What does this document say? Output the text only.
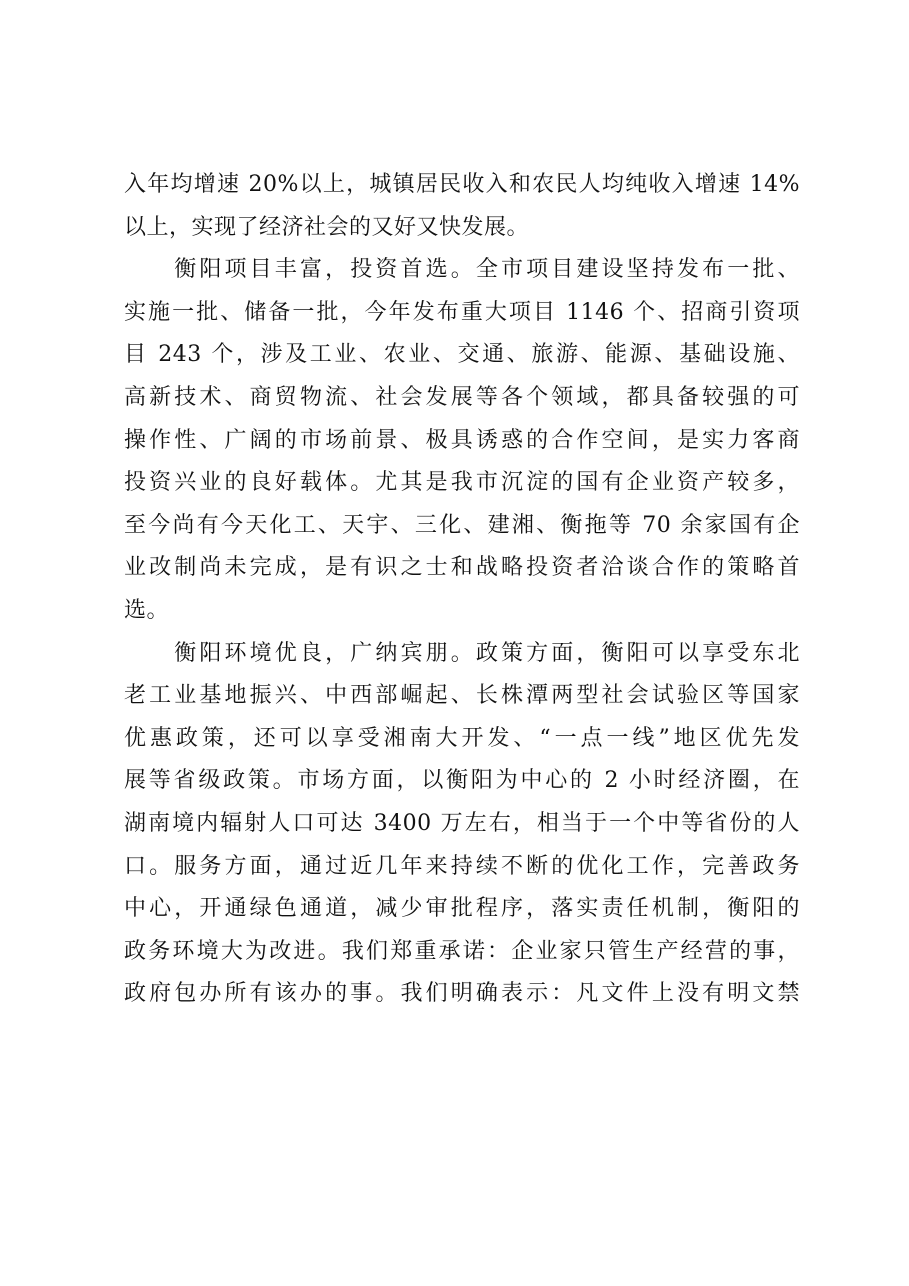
入年均增速 20%以上，城镇居民收入和农民人均纯收入增速 14%
以上，实现了经济社会的又好又快发展。
　　衡阳项目丰富，投资首选。全市项目建设坚持发布一批、
实施一批、储备一批，今年发布重大项目 1146 个、招商引资项
目 243 个，涉及工业、农业、交通、旅游、能源、基础设施、
高新技术、商贸物流、社会发展等各个领域，都具备较强的可
操作性、广阔的市场前景、极具诱惑的合作空间，是实力客商
投资兴业的良好载体。尤其是我市沉淀的国有企业资产较多，
至今尚有今天化工、天宇、三化、建湘、衡拖等 70 余家国有企
业改制尚未完成，是有识之士和战略投资者洽谈合作的策略首
选。
　　衡阳环境优良，广纳宾朋。政策方面，衡阳可以享受东北
老工业基地振兴、中西部崛起、长株潭两型社会试验区等国家
优惠政策，还可以享受湘南大开发、“一点一线”地区优先发
展等省级政策。市场方面，以衡阳为中心的 2 小时经济圈，在
湖南境内辐射人口可达 3400 万左右，相当于一个中等省份的人
口。服务方面，通过近几年来持续不断的优化工作，完善政务
中心，开通绿色通道，减少审批程序，落实责任机制，衡阳的
政务环境大为改进。我们郑重承诺：企业家只管生产经营的事，
政府包办所有该办的事。我们明确表示：凡文件上没有明文禁
